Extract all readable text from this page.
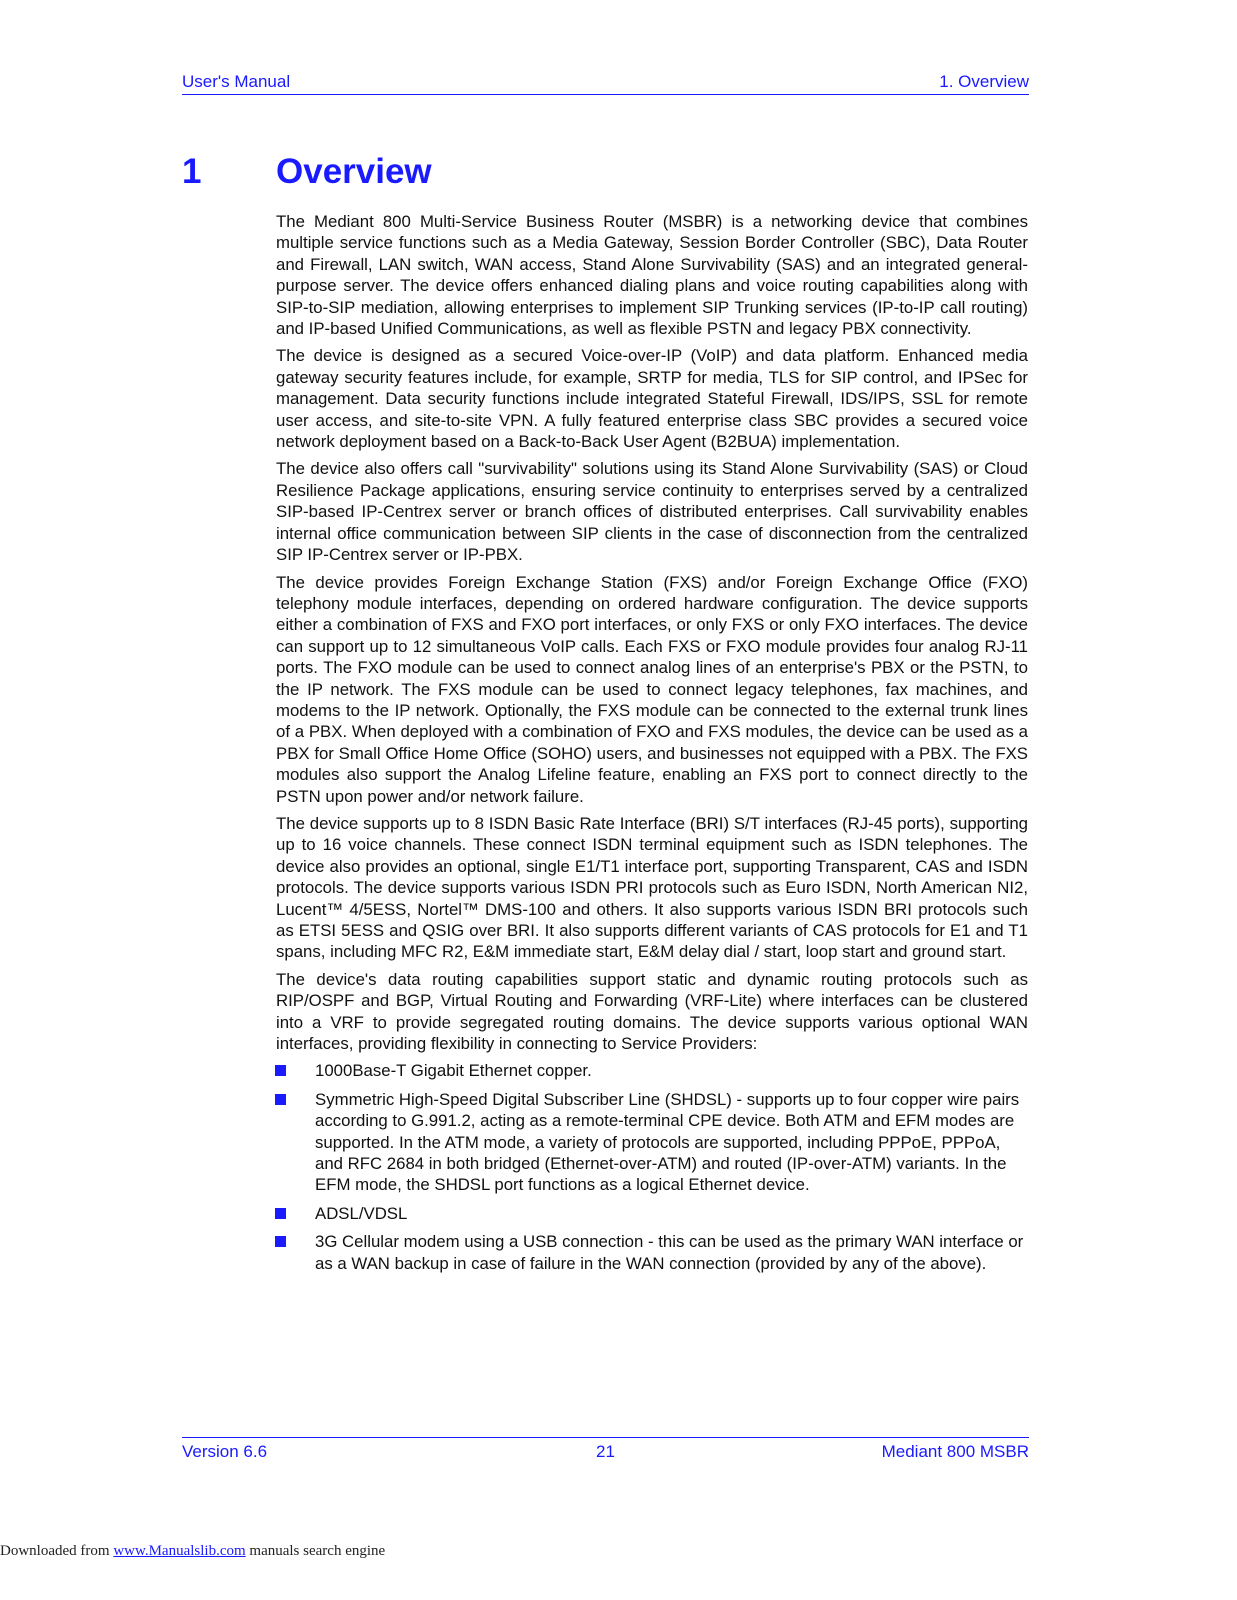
User's Manual	1. Overview
1 Overview

The Mediant 800 Multi-Service Business Router (MSBR) is a networking device that combines multiple service functions such as a Media Gateway, Session Border Controller (SBC), Data Router and Firewall, LAN switch, WAN access, Stand Alone Survivability (SAS) and an integrated general-purpose server. The device offers enhanced dialing plans and voice routing capabilities along with SIP-to-SIP mediation, allowing enterprises to implement SIP Trunking services (IP-to-IP call routing) and IP-based Unified Communications, as well as flexible PSTN and legacy PBX connectivity.

The device is designed as a secured Voice-over-IP (VoIP) and data platform. Enhanced media gateway security features include, for example, SRTP for media, TLS for SIP control, and IPSec for management. Data security functions include integrated Stateful Firewall, IDS/IPS, SSL for remote user access, and site-to-site VPN. A fully featured enterprise class SBC provides a secured voice network deployment based on a Back-to-Back User Agent (B2BUA) implementation.

The device also offers call "survivability" solutions using its Stand Alone Survivability (SAS) or Cloud Resilience Package applications, ensuring service continuity to enterprises served by a centralized SIP-based IP-Centrex server or branch offices of distributed enterprises. Call survivability enables internal office communication between SIP clients in the case of disconnection from the centralized SIP IP-Centrex server or IP-PBX.

The device provides Foreign Exchange Station (FXS) and/or Foreign Exchange Office (FXO) telephony module interfaces, depending on ordered hardware configuration. The device supports either a combination of FXS and FXO port interfaces, or only FXS or only FXO interfaces. The device can support up to 12 simultaneous VoIP calls. Each FXS or FXO module provides four analog RJ-11 ports. The FXO module can be used to connect analog lines of an enterprise's PBX or the PSTN, to the IP network. The FXS module can be used to connect legacy telephones, fax machines, and modems to the IP network. Optionally, the FXS module can be connected to the external trunk lines of a PBX. When deployed with a combination of FXO and FXS modules, the device can be used as a PBX for Small Office Home Office (SOHO) users, and businesses not equipped with a PBX. The FXS modules also support the Analog Lifeline feature, enabling an FXS port to connect directly to the PSTN upon power and/or network failure.

The device supports up to 8 ISDN Basic Rate Interface (BRI) S/T interfaces (RJ-45 ports), supporting up to 16 voice channels. These connect ISDN terminal equipment such as ISDN telephones. The device also provides an optional, single E1/T1 interface port, supporting Transparent, CAS and ISDN protocols. The device supports various ISDN PRI protocols such as Euro ISDN, North American NI2, Lucent™ 4/5ESS, Nortel™ DMS-100 and others. It also supports various ISDN BRI protocols such as ETSI 5ESS and QSIG over BRI. It also supports different variants of CAS protocols for E1 and T1 spans, including MFC R2, E&M immediate start, E&M delay dial / start, loop start and ground start.

The device's data routing capabilities support static and dynamic routing protocols such as RIP/OSPF and BGP, Virtual Routing and Forwarding (VRF-Lite) where interfaces can be clustered into a VRF to provide segregated routing domains. The device supports various optional WAN interfaces, providing flexibility in connecting to Service Providers:

1000Base-T Gigabit Ethernet copper.
Symmetric High-Speed Digital Subscriber Line (SHDSL) - supports up to four copper wire pairs according to G.991.2, acting as a remote-terminal CPE device. Both ATM and EFM modes are supported. In the ATM mode, a variety of protocols are supported, including PPPoE, PPPoA, and RFC 2684 in both bridged (Ethernet-over-ATM) and routed (IP-over-ATM) variants. In the EFM mode, the SHDSL port functions as a logical Ethernet device.
ADSL/VDSL
3G Cellular modem using a USB connection - this can be used as the primary WAN interface or as a WAN backup in case of failure in the WAN connection (provided by any of the above).
Version 6.6	21	Mediant 800 MSBR
Downloaded from www.Manualslib.com manuals search engine
